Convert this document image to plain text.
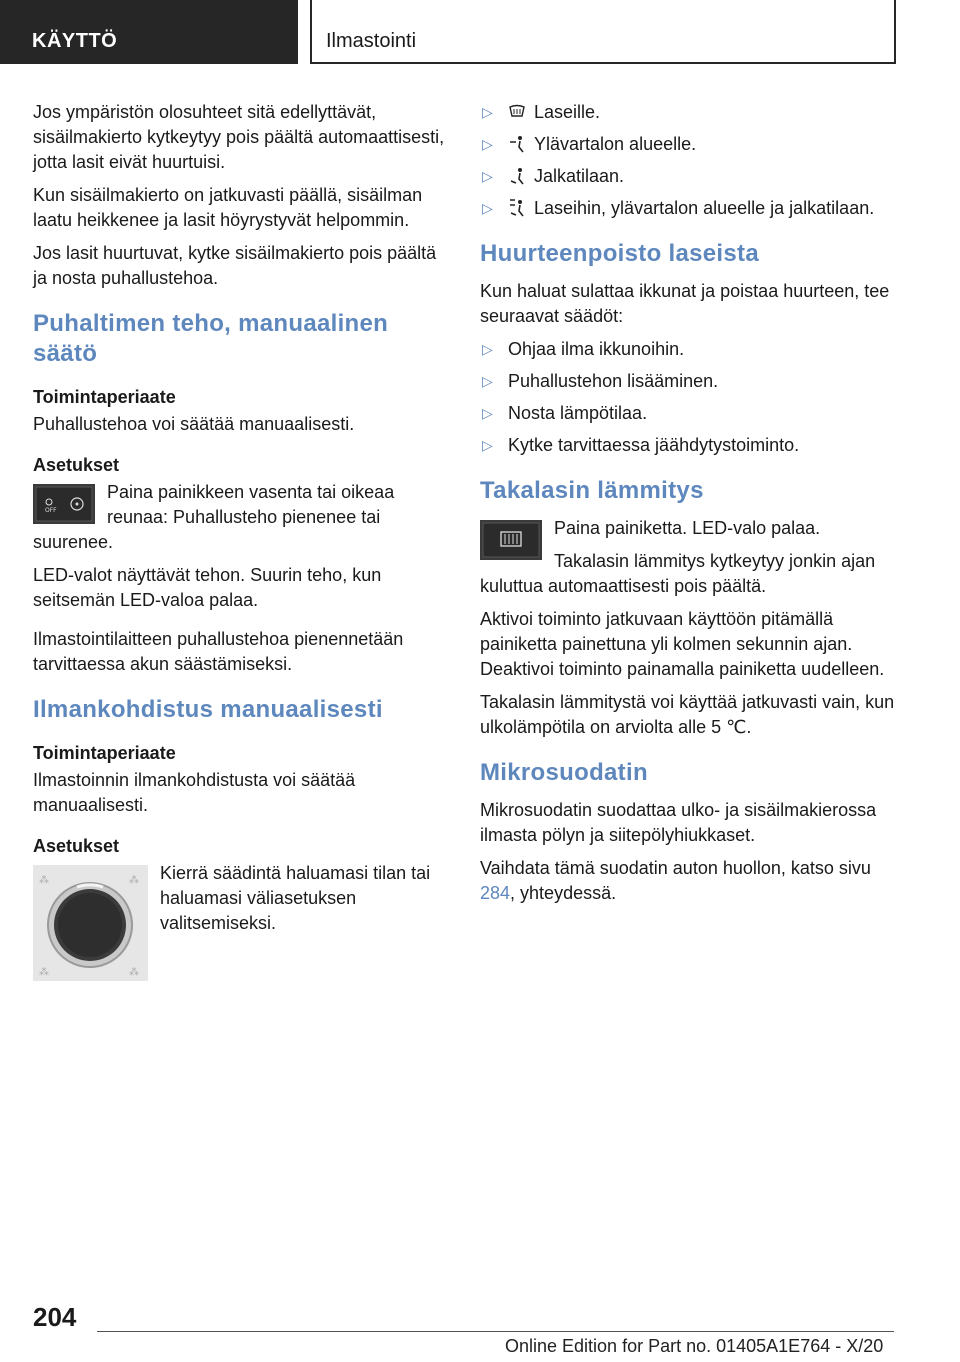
KÄYTTÖ	Ilmastointi

Jos ympäristön olosuhteet sitä edellyttävät, sisäilmakierto kytkeytyy pois päältä automaattisesti, jotta lasit eivät huurtuisi.

Kun sisäilmakierto on jatkuvasti päällä, sisäilman laatu heikkenee ja lasit höyrystyvät helpommin.

Jos lasit huurtuvat, kytke sisäilmakierto pois päältä ja nosta puhallustehoa.

Puhaltimen teho, manuaalinen säätö
Toimintaperiaate

Puhallustehoa voi säätää manuaalisesti.

Asetukset
OFF

Paina painikkeen vasenta tai oikeaa reunaa: Puhallusteho pienenee tai suurenee.

LED-valot näyttävät tehon. Suurin teho, kun seitsemän LED-valoa palaa.

Ilmastointilaitteen puhallustehoa pienennetään tarvittaessa akun säästämiseksi.

Ilmankohdistus manuaalisesti
Toimintaperiaate

Ilmastoinnin ilmankohdistusta voi säätää manuaalisesti.

Asetukset
⁂	⁂
⁂	⁂

Kierrä säädintä haluamasi tilan tai haluamasi väliasetuksen valitsemiseksi.

▷ Laseille.
▷ Ylävartalon alueelle.
▷ Jalkatilaan.
▷ Laseihin, ylävartalon alueelle ja jalkatilaan.
Huurteenpoisto laseista

Kun haluat sulattaa ikkunat ja poistaa huurteen, tee seuraavat säädöt:

▷ Ohjaa ilma ikkunoihin.
▷ Puhallustehon lisääminen.
▷ Nosta lämpötilaa.
▷ Kytke tarvittaessa jäähdytystoiminto.
Takalasin lämmitys

Paina painiketta. LED-valo palaa.

Takalasin lämmitys kytkeytyy jonkin ajan kuluttua automaattisesti pois päältä.

Aktivoi toiminto jatkuvaan käyttöön pitämällä painiketta painettuna yli kolmen sekunnin ajan. Deaktivoi toiminto painamalla painiketta uudelleen.

Takalasin lämmitystä voi käyttää jatkuvasti vain, kun ulkolämpötila on arviolta alle 5 ℃.

Mikrosuodatin

Mikrosuodatin suodattaa ulko- ja sisäilmakierossa ilmasta pölyn ja siitepölyhiukkaset.

Vaihdata tämä suodatin auton huollon, katso sivu 284, yhteydessä.

204
Online Edition for Part no. 01405A1E764 - X/20
